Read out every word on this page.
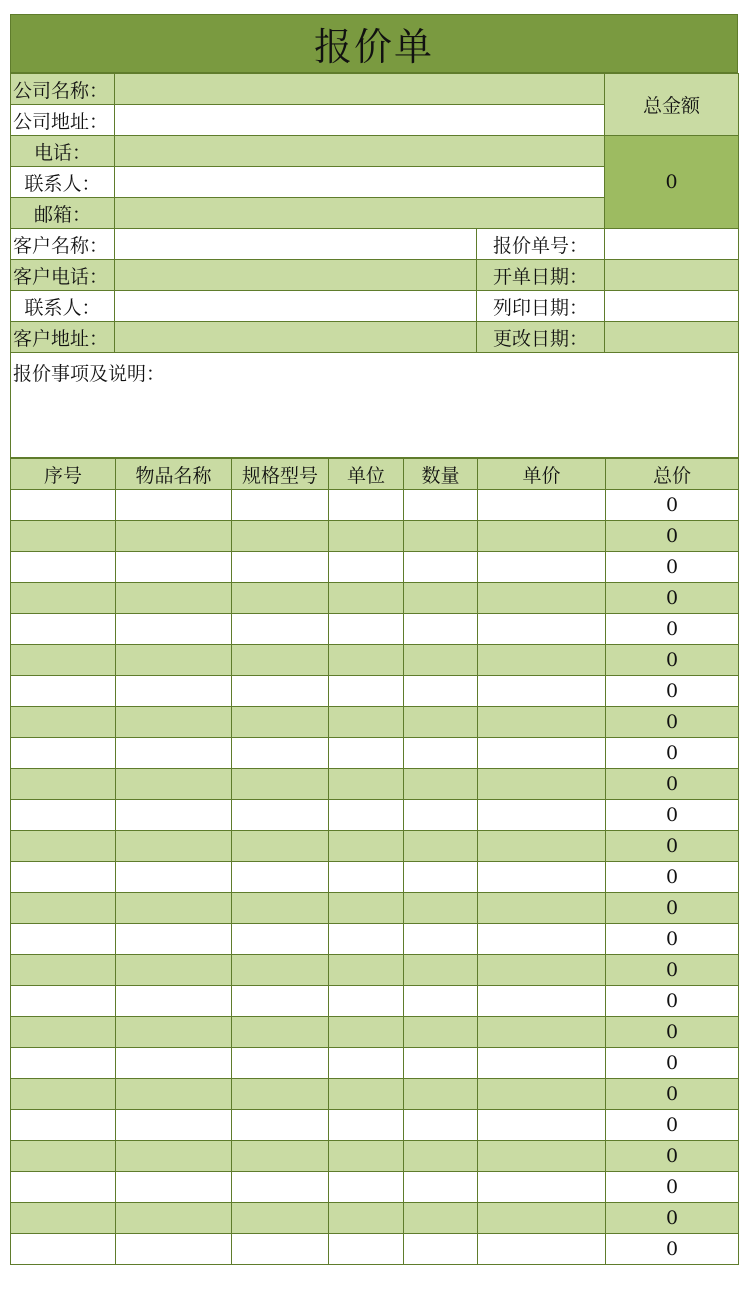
报价单
公司名称：			总金额
公司地址：			
电话：			0
联系人：			
邮箱：			
客户名称：		报价单号：	
客户电话：		开单日期：	
联系人：		列印日期：	
客户地址：		更改日期：	
报价事项及说明：			
序号	物品名称	规格型号	单位	数量	单价	总价
						0
						0
						0
						0
						0
						0
						0
						0
						0
						0
						0
						0
						0
						0
						0
						0
						0
						0
						0
						0
						0
						0
						0
						0
						0
